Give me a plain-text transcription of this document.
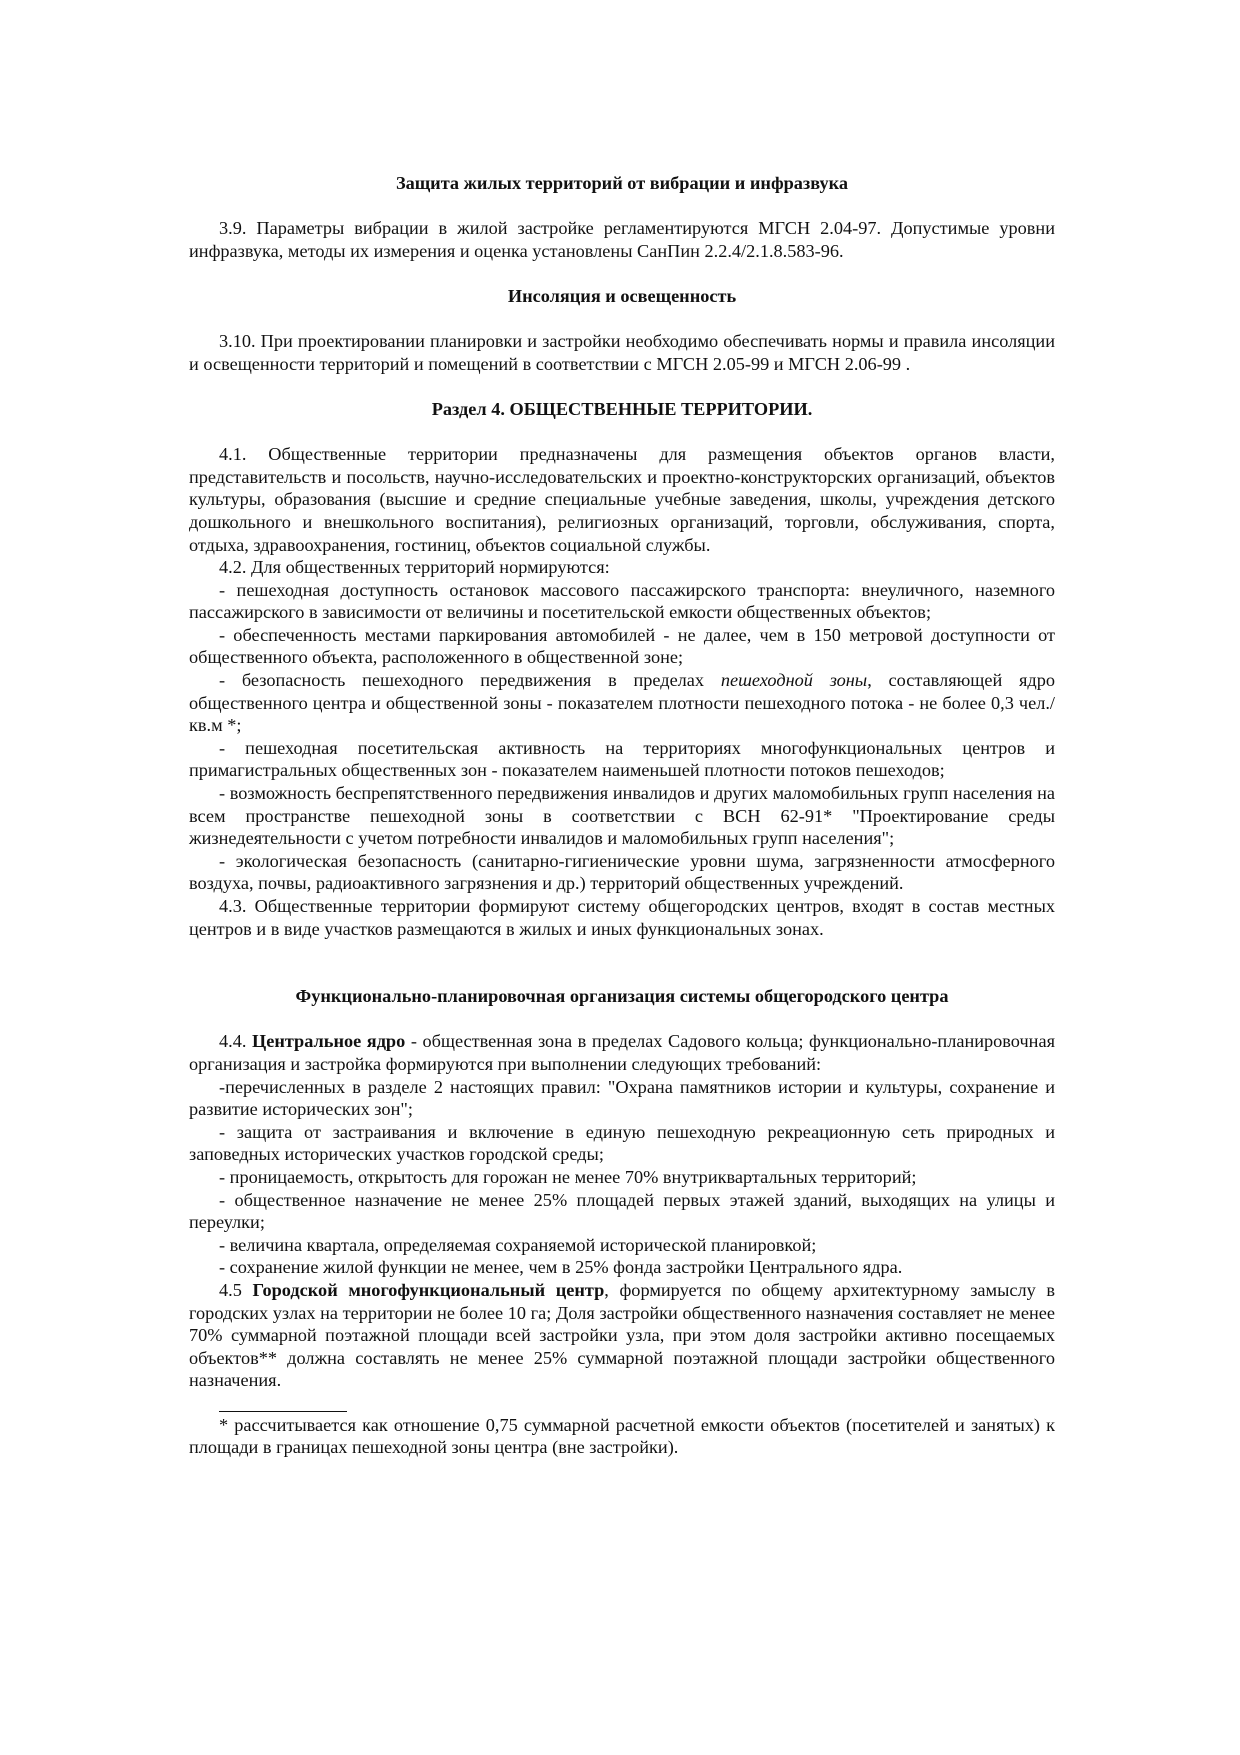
Защита жилых территорий от вибрации и инфразвука

3.9. Параметры вибрации в жилой застройке регламентируются МГСН 2.04-97. Допустимые уровни инфразвука, методы их измерения и оценка установлены СанПин 2.2.4/2.1.8.583-96.

Инсоляция и освещенность

3.10. При проектировании планировки и застройки необходимо обеспечивать нормы и правила инсоляции и освещенности территорий и помещений в соответствии с МГСН 2.05-99 и МГСН 2.06-99 .

Раздел 4. ОБЩЕСТВЕННЫЕ ТЕРРИТОРИИ.

4.1. Общественные территории предназначены для размещения объектов органов власти, представительств и посольств, научно-исследовательских и проектно-конструкторских организаций, объектов культуры, образования (высшие и средние специальные учебные заведения, школы, учреждения детского дошкольного и внешкольного воспитания), религиозных организаций, торговли, обслуживания, спорта, отдыха, здравоохранения, гостиниц, объектов социальной службы.

4.2. Для общественных территорий нормируются:

- пешеходная доступность остановок массового пассажирского транспорта: внеуличного, наземного пассажирского в зависимости от величины и посетительской емкости общественных объектов;

- обеспеченность местами паркирования автомобилей - не далее, чем в 150 метровой доступности от общественного объекта, расположенного в общественной зоне;

- безопасность пешеходного передвижения в пределах пешеходной зоны, составляющей ядро общественного центра и общественной зоны - показателем плотности пешеходного потока - не более 0,3 чел./кв.м *;

- пешеходная посетительская активность на территориях многофункциональных центров и примагистральных общественных зон - показателем наименьшей плотности потоков пешеходов;

- возможность беспрепятственного передвижения инвалидов и других маломобильных групп населения на всем пространстве пешеходной зоны в соответствии с ВСН 62-91* "Проектирование среды жизнедеятельности с учетом потребности инвалидов и маломобильных групп населения";

- экологическая безопасность (санитарно-гигиенические уровни шума, загрязненности атмосферного воздуха, почвы, радиоактивного загрязнения и др.) территорий общественных учреждений.

4.3. Общественные территории формируют систему общегородских центров, входят в состав местных центров и в виде участков размещаются в жилых и иных функциональных зонах.

Функционально-планировочная организация системы общегородского центра

4.4. Центральное ядро - общественная зона в пределах Садового кольца; функционально-планировочная организация и застройка формируются при выполнении следующих требований:

-перечисленных в разделе 2 настоящих правил: "Охрана памятников истории и культуры, сохранение и развитие исторических зон";

- защита от застраивания и включение в единую пешеходную рекреационную сеть природных и заповедных исторических участков городской среды;

- проницаемость, открытость для горожан не менее 70% внутриквартальных территорий;

- общественное назначение не менее 25% площадей первых этажей зданий, выходящих на улицы и переулки;

- величина квартала, определяемая сохраняемой исторической планировкой;

- сохранение жилой функции не менее, чем в 25% фонда застройки Центрального ядра.

4.5 Городской многофункциональный центр, формируется по общему архитектурному замыслу в городских узлах на территории не более 10 га; Доля застройки общественного назначения составляет не менее 70% суммарной поэтажной площади всей застройки узла, при этом доля застройки активно посещаемых объектов** должна составлять не менее 25% суммарной поэтажной площади застройки общественного назначения.

* рассчитывается как отношение 0,75 суммарной расчетной емкости объектов (посетителей и занятых) к площади в границах пешеходной зоны центра (вне застройки).
